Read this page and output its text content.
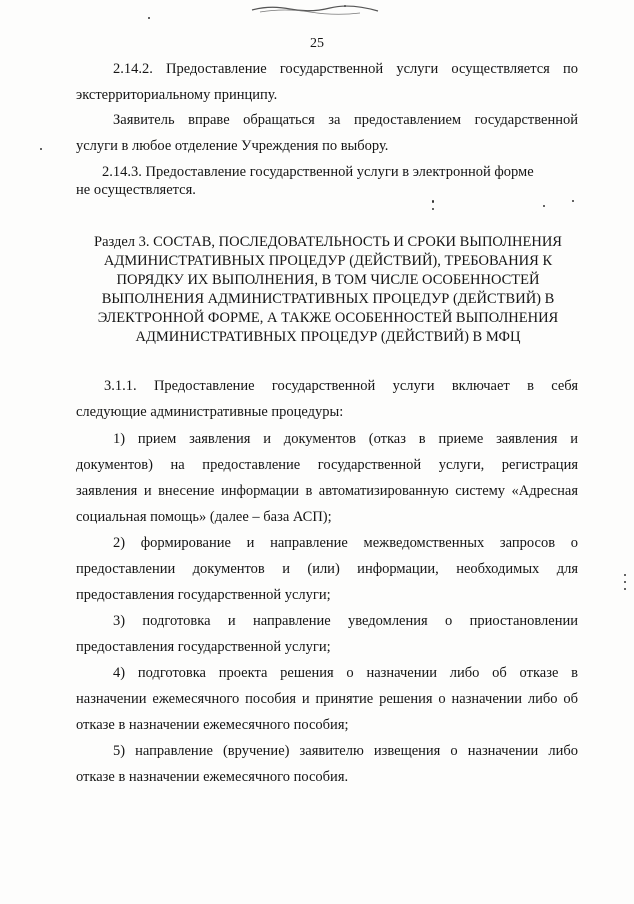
25
2.14.2. Предоставление государственной услуги осуществляется по
экстерриториальному принципу.
Заявитель вправе обращаться за предоставлением государственной
услуги в любое отделение Учреждения по выбору.
2.14.3. Предоставление государственной услуги в электронной форме
не осуществляется.
Раздел 3. СОСТАВ, ПОСЛЕДОВАТЕЛЬНОСТЬ И СРОКИ ВЫПОЛНЕНИЯ
АДМИНИСТРАТИВНЫХ ПРОЦЕДУР (ДЕЙСТВИЙ), ТРЕБОВАНИЯ К
ПОРЯДКУ ИХ ВЫПОЛНЕНИЯ, В ТОМ ЧИСЛЕ ОСОБЕННОСТЕЙ
ВЫПОЛНЕНИЯ АДМИНИСТРАТИВНЫХ ПРОЦЕДУР (ДЕЙСТВИЙ) В
ЭЛЕКТРОННОЙ ФОРМЕ, А ТАКЖЕ ОСОБЕННОСТЕЙ ВЫПОЛНЕНИЯ
АДМИНИСТРАТИВНЫХ ПРОЦЕДУР (ДЕЙСТВИЙ) В МФЦ
3.1.1. Предоставление государственной услуги включает в себя
следующие административные процедуры:
1) прием заявления и документов (отказ в приеме заявления и
документов) на предоставление государственной услуги, регистрация
заявления и внесение информации в автоматизированную систему «Адресная
социальная помощь» (далее – база АСП);
2) формирование и направление межведомственных запросов о
предоставлении документов и (или) информации, необходимых для
предоставления государственной услуги;
3) подготовка и направление уведомления о приостановлении
предоставления государственной услуги;
4) подготовка проекта решения о назначении либо об отказе в
назначении ежемесячного пособия и принятие решения о назначении либо об
отказе в назначении ежемесячного пособия;
5) направление (вручение) заявителю извещения о назначении либо
отказе в назначении ежемесячного пособия.
